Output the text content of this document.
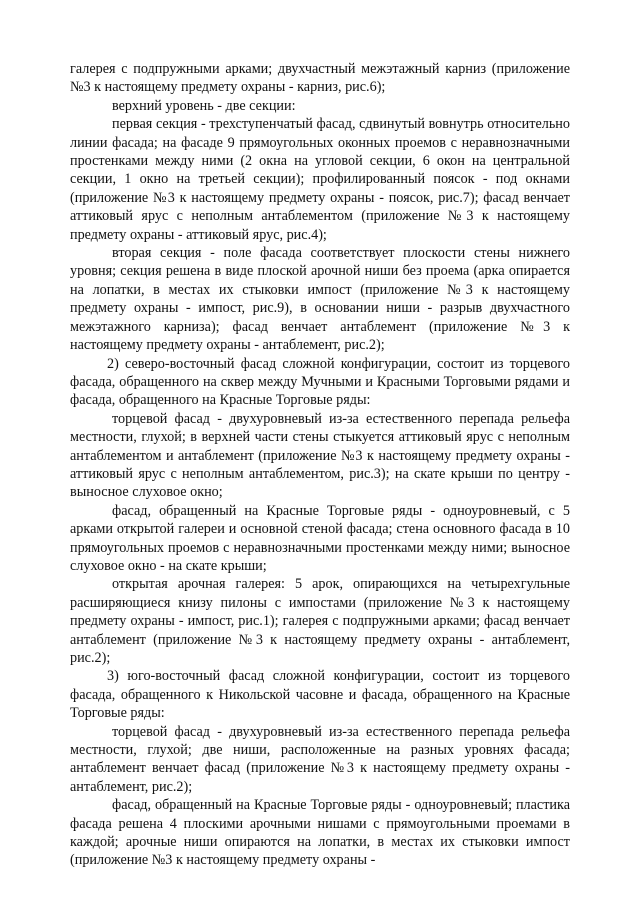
галерея с подпружными арками; двухчастный межэтажный карниз (приложение №3 к настоящему предмету охраны - карниз, рис.6);

верхний уровень - две секции:

первая секция - трехступенчатый фасад, сдвинутый вовнутрь относительно линии фасада; на фасаде 9 прямоугольных оконных проемов с неравнозначными простенками между ними (2 окна на угловой секции, 6 окон на центральной секции, 1 окно на третьей секции); профилированный поясок - под окнами (приложение №3 к настоящему предмету охраны - поясок, рис.7); фасад венчает аттиковый ярус с неполным антаблементом (приложение №3 к настоящему предмету охраны - аттиковый ярус, рис.4);

вторая секция - поле фасада соответствует плоскости стены нижнего уровня; секция решена в виде плоской арочной ниши без проема (арка опирается на лопатки, в местах их стыковки импост (приложение №3 к настоящему предмету охраны - импост, рис.9), в основании ниши - разрыв двухчастного межэтажного карниза); фасад венчает антаблемент (приложение №3 к настоящему предмету охраны - антаблемент, рис.2);

2) северо-восточный фасад сложной конфигурации, состоит из торцевого фасада, обращенного на сквер между Мучными и Красными Торговыми рядами и фасада, обращенного на Красные Торговые ряды:

торцевой фасад - двухуровневый из-за естественного перепада рельефа местности, глухой; в верхней части стены стыкуется аттиковый ярус с неполным антаблементом и антаблемент (приложение №3 к настоящему предмету охраны - аттиковый ярус с неполным антаблементом, рис.3); на скате крыши по центру - выносное слуховое окно;

фасад, обращенный на Красные Торговые ряды - одноуровневый, с 5 арками открытой галереи и основной стеной фасада; стена основного фасада в 10 прямоугольных проемов с неравнозначными простенками между ними; выносное слуховое окно - на скате крыши;

открытая арочная галерея: 5 арок, опирающихся на четырехгульные расширяющиеся книзу пилоны с импостами (приложение №3 к настоящему предмету охраны - импост, рис.1); галерея с подпружными арками; фасад венчает антаблемент (приложение №3 к настоящему предмету охраны - антаблемент, рис.2);

3) юго-восточный фасад сложной конфигурации, состоит из торцевого фасада, обращенного к Никольской часовне и фасада, обращенного на Красные Торговые ряды:

торцевой фасад - двухуровневый из-за естественного перепада рельефа местности, глухой; две ниши, расположенные на разных уровнях фасада; антаблемент венчает фасад (приложение №3 к настоящему предмету охраны - антаблемент, рис.2);

фасад, обращенный на Красные Торговые ряды - одноуровневый; пластика фасада решена 4 плоскими арочными нишами с прямоугольными проемами в каждой; арочные ниши опираются на лопатки, в местах их стыковки импост (приложение №3 к настоящему предмету охраны -
